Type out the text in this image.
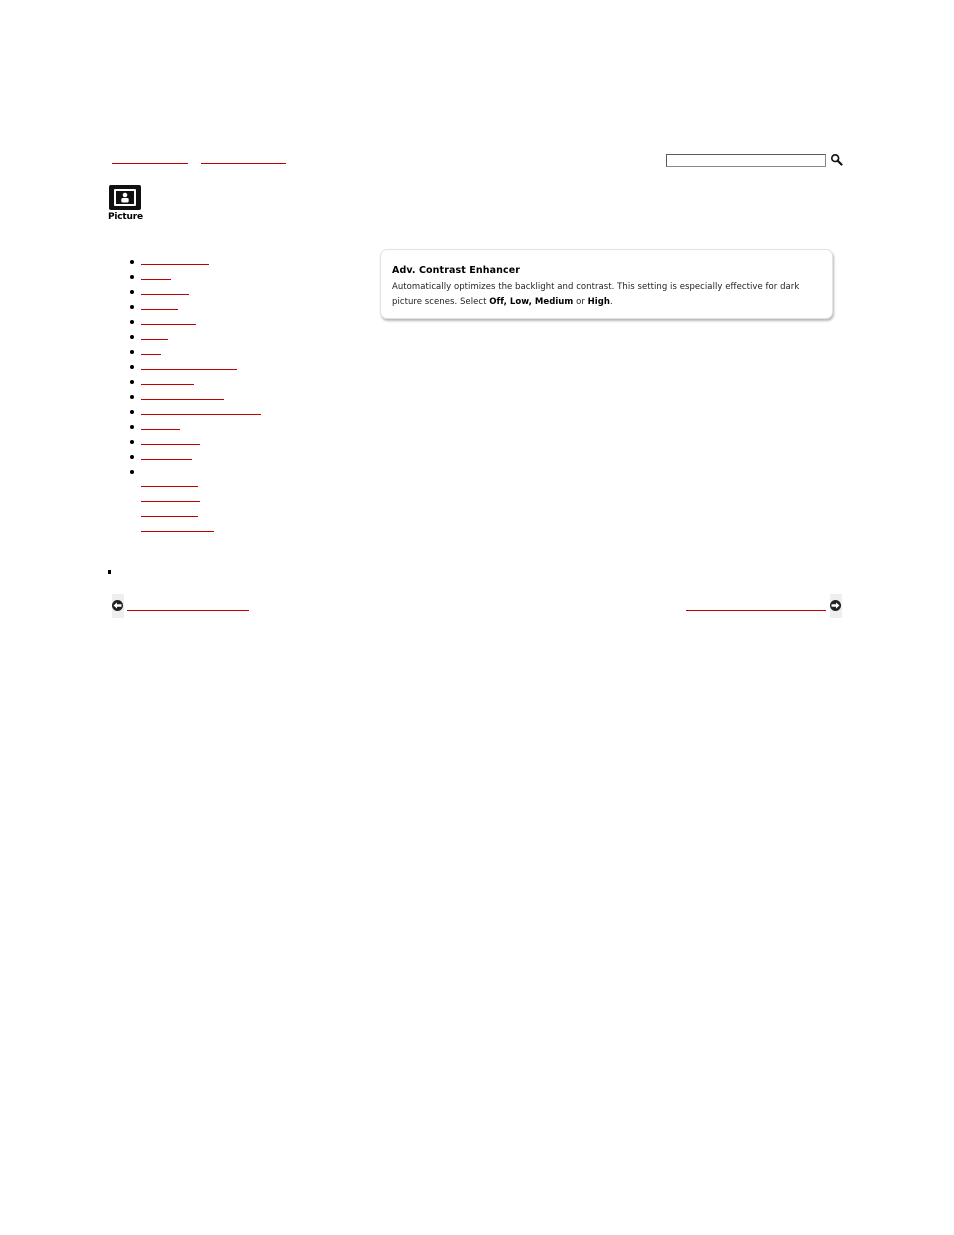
Picture
Adv. Contrast Enhancer
Automatically optimizes the backlight and contrast. This setting is especially effective for dark picture scenes. Select Off, Low, Medium or High.
